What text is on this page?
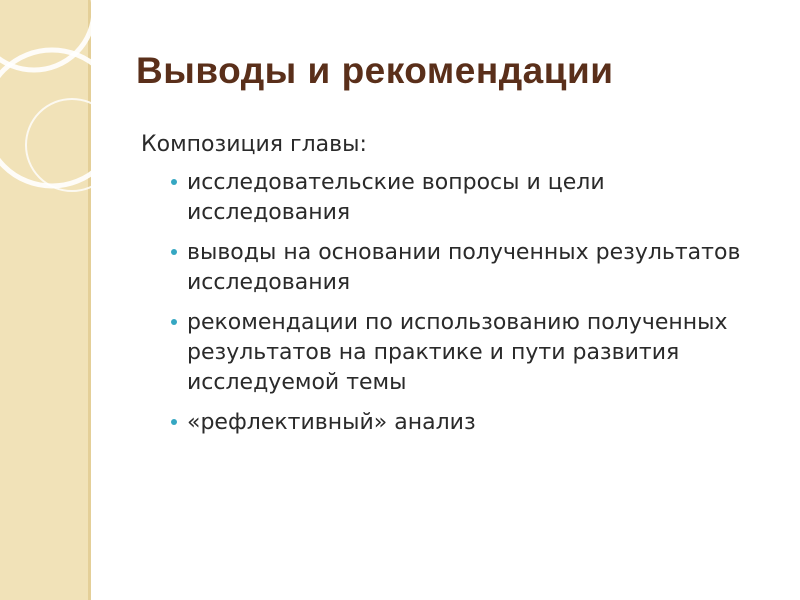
Выводы и рекомендации

Композиция главы:

исследовательские вопросы и цели исследования
выводы на основании полученных результатов исследования
рекомендации по использованию полученных результатов на практике и пути развития исследуемой темы
«рефлективный» анализ
